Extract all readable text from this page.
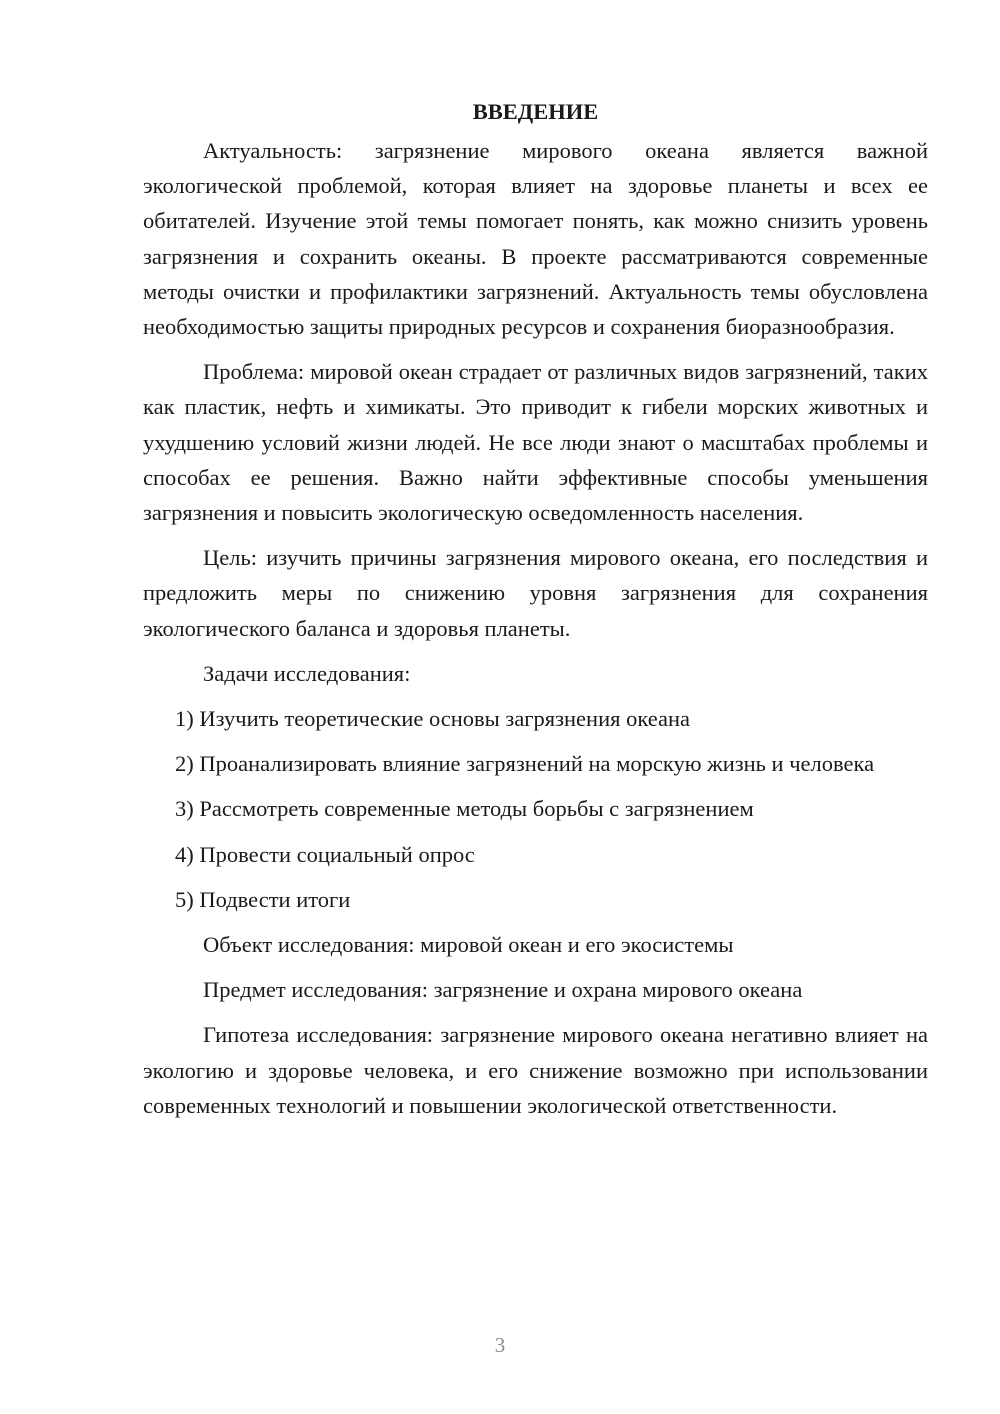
ВВЕДЕНИЕ

Актуальность: загрязнение мирового океана является важной экологической проблемой, которая влияет на здоровье планеты и всех ее обитателей. Изучение этой темы помогает понять, как можно снизить уровень загрязнения и сохранить океаны. В проекте рассматриваются современные методы очистки и профилактики загрязнений. Актуальность темы обусловлена необходимостью защиты природных ресурсов и сохранения биоразнообразия.

Проблема: мировой океан страдает от различных видов загрязнений, таких как пластик, нефть и химикаты. Это приводит к гибели морских животных и ухудшению условий жизни людей. Не все люди знают о масштабах проблемы и способах ее решения. Важно найти эффективные способы уменьшения загрязнения и повысить экологическую осведомленность населения.

Цель: изучить причины загрязнения мирового океана, его последствия и предложить меры по снижению уровня загрязнения для сохранения экологического баланса и здоровья планеты.

Задачи исследования:

1) Изучить теоретические основы загрязнения океана

2) Проанализировать влияние загрязнений на морскую жизнь и человека

3) Рассмотреть современные методы борьбы с загрязнением

4) Провести социальный опрос

5) Подвести итоги

Объект исследования: мировой океан и его экосистемы

Предмет исследования: загрязнение и охрана мирового океана

Гипотеза исследования: загрязнение мирового океана негативно влияет на экологию и здоровье человека, и его снижение возможно при использовании современных технологий и повышении экологической ответственности.

3
